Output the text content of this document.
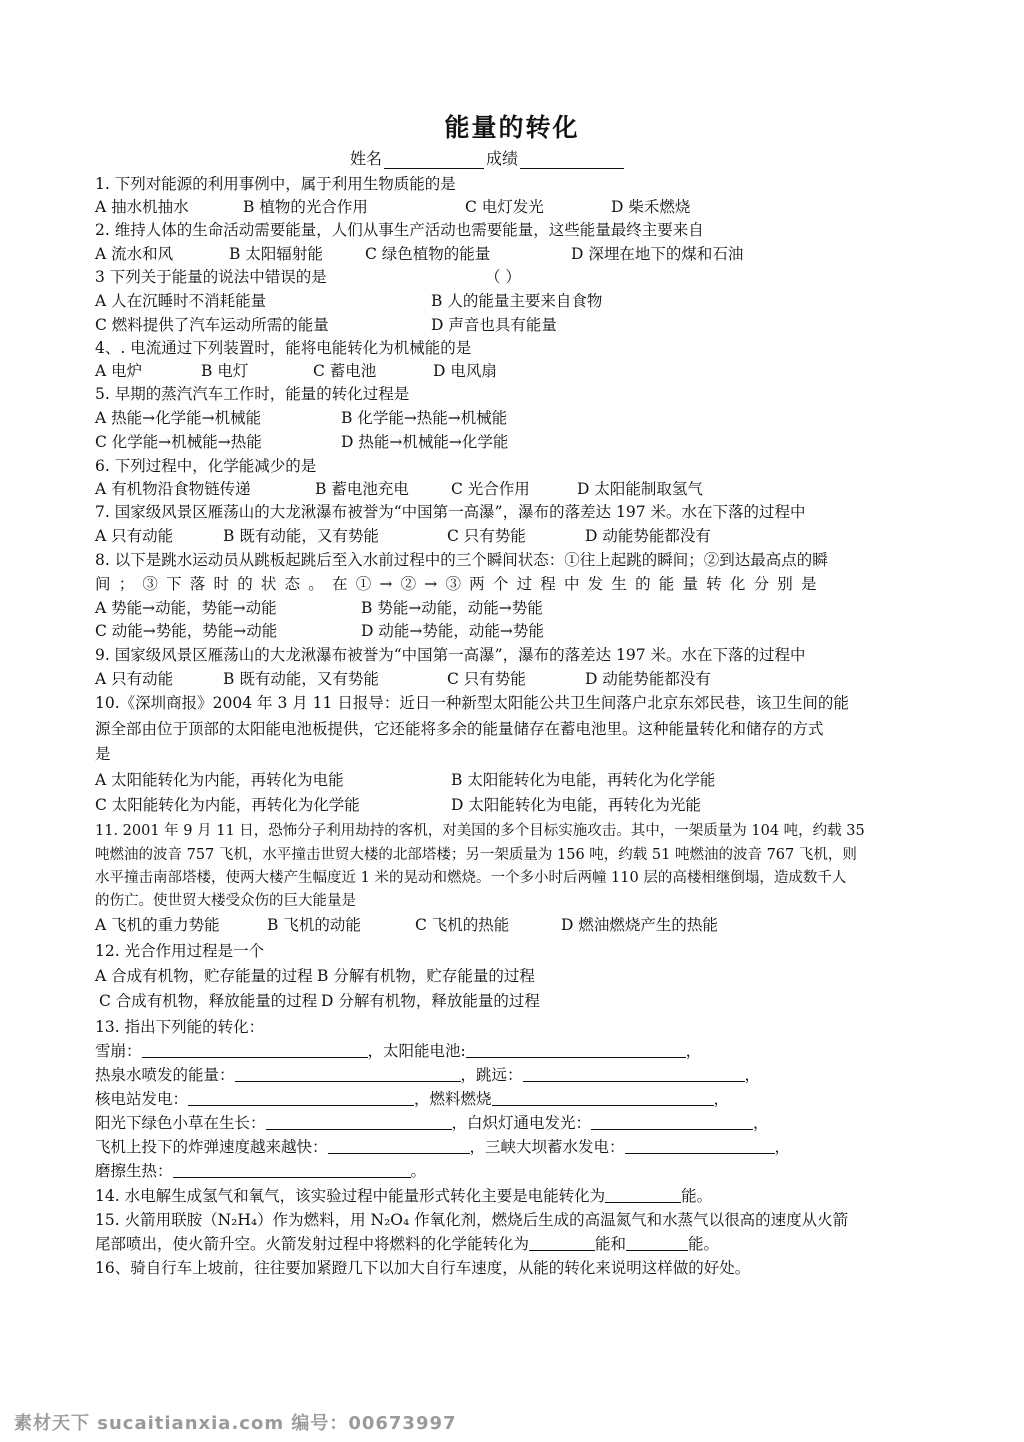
能量的转化
姓名	成绩
1. 下列对能源的利用事例中，属于利用生物质能的是
A 抽水机抽水	B 植物的光合作用	C 电灯发光	D 柴禾燃烧
2. 维持人体的生命活动需要能量，人们从事生产活动也需要能量，这些能量最终主要来自
A 流水和风	B 太阳辐射能	C 绿色植物的能量	D 深埋在地下的煤和石油
3 下列关于能量的说法中错误的是	（ ）
A 人在沉睡时不消耗能量	B 人的能量主要来自食物
C 燃料提供了汽车运动所需的能量	D 声音也具有能量
4、. 电流通过下列装置时，能将电能转化为机械能的是
A 电炉	B 电灯	C 蓄电池	D 电风扇
5. 早期的蒸汽汽车工作时，能量的转化过程是
A 热能→化学能→机械能	B 化学能→热能→机械能
C 化学能→机械能→热能	D 热能→机械能→化学能
6. 下列过程中，化学能减少的是
A 有机物沿食物链传递	B 蓄电池充电	C 光合作用	D 太阳能制取氢气
7. 国家级风景区雁荡山的大龙湫瀑布被誉为“中国第一高瀑”，瀑布的落差达 197 米。水在下落的过程中
A 只有动能	B 既有动能，又有势能	C 只有势能	D 动能势能都没有
8. 以下是跳水运动员从跳板起跳后至入水前过程中的三个瞬间状态：①往上起跳的瞬间；②到达最高点的瞬
间；③下落时的状态。在①→②→③两个过程中发生的能量转化分别是
A 势能→动能，势能→动能	B 势能→动能，动能→势能
C 动能→势能，势能→动能	D 动能→势能，动能→势能
9. 国家级风景区雁荡山的大龙湫瀑布被誉为“中国第一高瀑”，瀑布的落差达 197 米。水在下落的过程中
A 只有动能	B 既有动能，又有势能	C 只有势能	D 动能势能都没有
10.《深圳商报》2004 年 3 月 11 日报导：近日一种新型太阳能公共卫生间落户北京东郊民巷，该卫生间的能
源全部由位于顶部的太阳能电池板提供，它还能将多余的能量储存在蓄电池里。这种能量转化和储存的方式
是
A 太阳能转化为内能，再转化为电能	B 太阳能转化为电能，再转化为化学能
C 太阳能转化为内能，再转化为化学能	D 太阳能转化为电能，再转化为光能
11. 2001 年 9 月 11 日，恐怖分子利用劫持的客机，对美国的多个目标实施攻击。其中，一架质量为 104 吨，约载 35
吨燃油的波音 757 飞机，水平撞击世贸大楼的北部塔楼；另一架质量为 156 吨，约载 51 吨燃油的波音 767 飞机，则
水平撞击南部塔楼，使两大楼产生幅度近 1 米的晃动和燃烧。一个多小时后两幢 110 层的高楼相继倒塌，造成数千人
的伤亡。使世贸大楼受众伤的巨大能量是
A 飞机的重力势能	B 飞机的动能	C 飞机的热能	D 燃油燃烧产生的热能
12. 光合作用过程是一个
A 合成有机物，贮存能量的过程 B 分解有机物，贮存能量的过程
C 合成有机物，释放能量的过程 D 分解有机物，释放能量的过程
13. 指出下列能的转化：
雪崩：	，太阳能电池:	，
热泉水喷发的能量：	，跳远：	，
核电站发电：	，燃料燃烧	，
阳光下绿色小草在生长：	，白炽灯通电发光：	，
飞机上投下的炸弹速度越来越快：	，三峡大坝蓄水发电：	，
磨擦生热：	。
14. 水电解生成氢气和氧气，该实验过程中能量形式转化主要是电能转化为	能。
15. 火箭用联胺（N₂H₄）作为燃料，用 N₂O₄ 作氧化剂，燃烧后生成的高温氮气和水蒸气以很高的速度从火箭
尾部喷出，使火箭升空。火箭发射过程中将燃料的化学能转化为	能和	能。
16、骑自行车上坡前，往往要加紧蹬几下以加大自行车速度，从能的转化来说明这样做的好处。
素材天下 sucaitianxia.com 编号：00673997
